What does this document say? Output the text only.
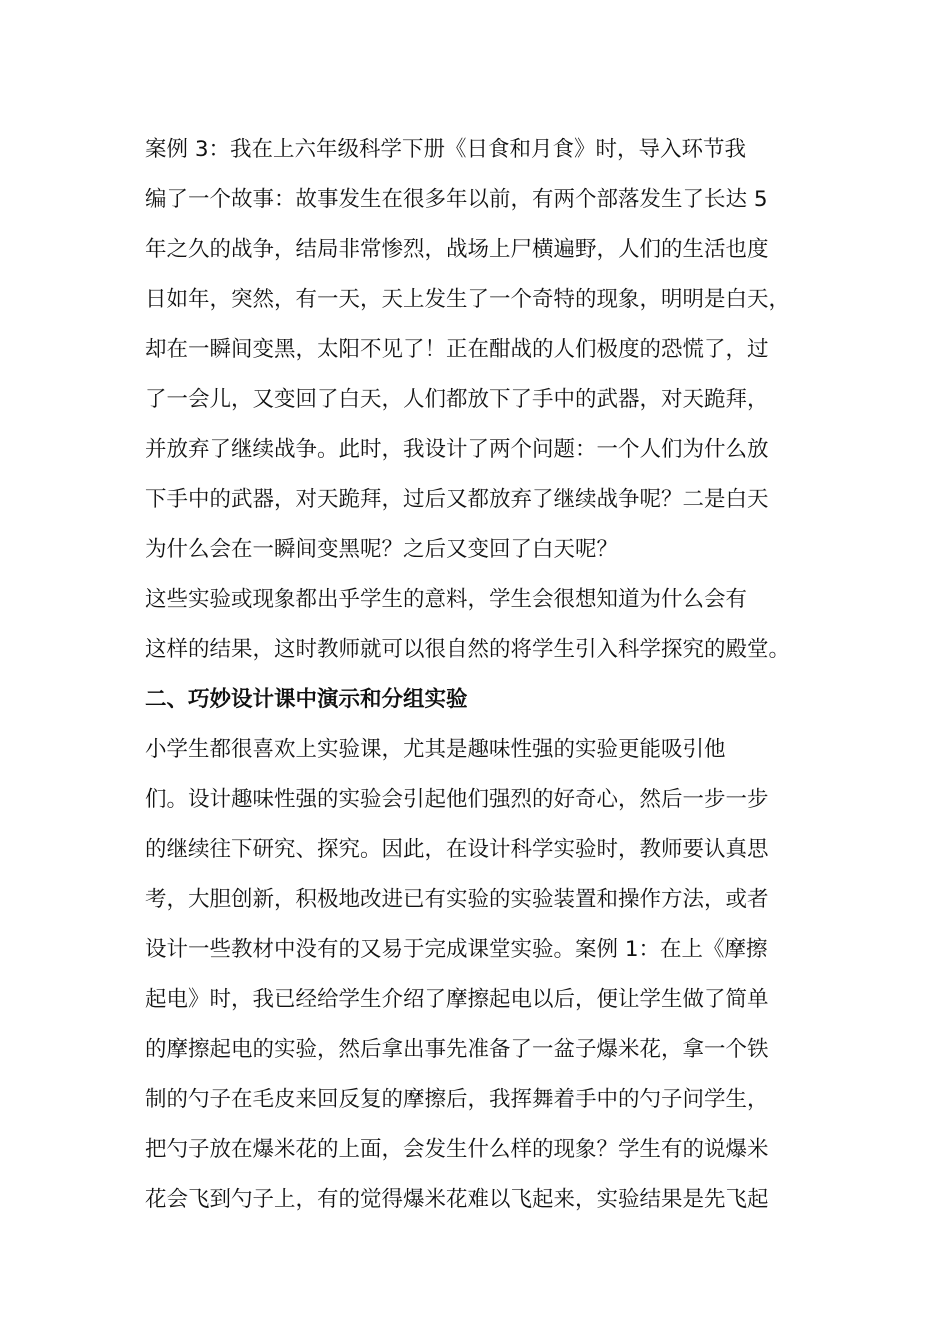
案例 3：我在上六年级科学下册《日食和月食》时，导入环节我
编了一个故事：故事发生在很多年以前，有两个部落发生了长达 5
年之久的战争，结局非常惨烈，战场上尸横遍野，人们的生活也度
日如年，突然，有一天，天上发生了一个奇特的现象，明明是白天，
却在一瞬间变黑，太阳不见了！正在酣战的人们极度的恐慌了，过
了一会儿，又变回了白天，人们都放下了手中的武器，对天跪拜，
并放弃了继续战争。此时，我设计了两个问题：一个人们为什么放
下手中的武器，对天跪拜，过后又都放弃了继续战争呢？二是白天
为什么会在一瞬间变黑呢？之后又变回了白天呢？
这些实验或现象都出乎学生的意料，学生会很想知道为什么会有
这样的结果，这时教师就可以很自然的将学生引入科学探究的殿堂。
二、巧妙设计课中演示和分组实验
小学生都很喜欢上实验课，尤其是趣味性强的实验更能吸引他
们。设计趣味性强的实验会引起他们强烈的好奇心，然后一步一步
的继续往下研究、探究。因此，在设计科学实验时，教师要认真思
考，大胆创新，积极地改进已有实验的实验装置和操作方法，或者
设计一些教材中没有的又易于完成课堂实验。案例 1：在上《摩擦
起电》时，我已经给学生介绍了摩擦起电以后，便让学生做了简单
的摩擦起电的实验，然后拿出事先准备了一盆子爆米花，拿一个铁
制的勺子在毛皮来回反复的摩擦后，我挥舞着手中的勺子问学生，
把勺子放在爆米花的上面，会发生什么样的现象？学生有的说爆米
花会飞到勺子上，有的觉得爆米花难以飞起来，实验结果是先飞起
